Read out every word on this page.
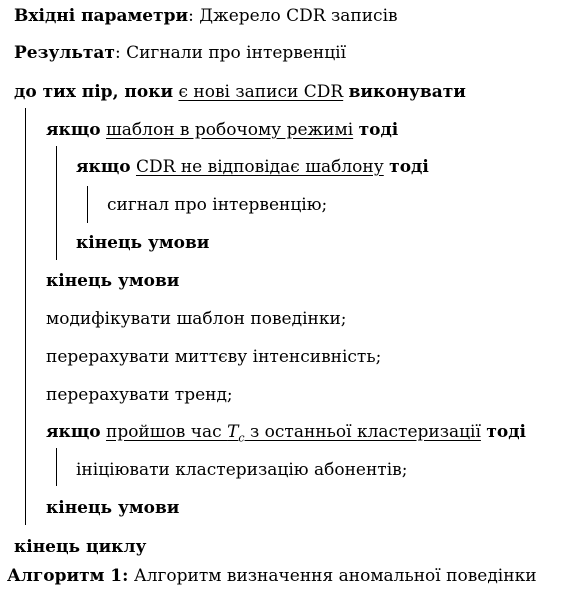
Вхідні параметри: Джерело CDR записів
Результат: Сигнали про інтервенції
до тих пір, поки є нові записи CDR виконувати
якщо шаблон в робочому режимі тоді
якщо CDR не відповідає шаблону тоді
сигнал про інтервенцію;
кінець умови
кінець умови
модифікувати шаблон поведінки;
перерахувати миттєву інтенсивність;
перерахувати тренд;
якщо пройшов час $T_c$ з останньої кластеризації тоді
ініціювати кластеризацію абонентів;
кінець умови
кінець циклу
Алгоритм 1: Алгоритм визначення аномальної поведінки
